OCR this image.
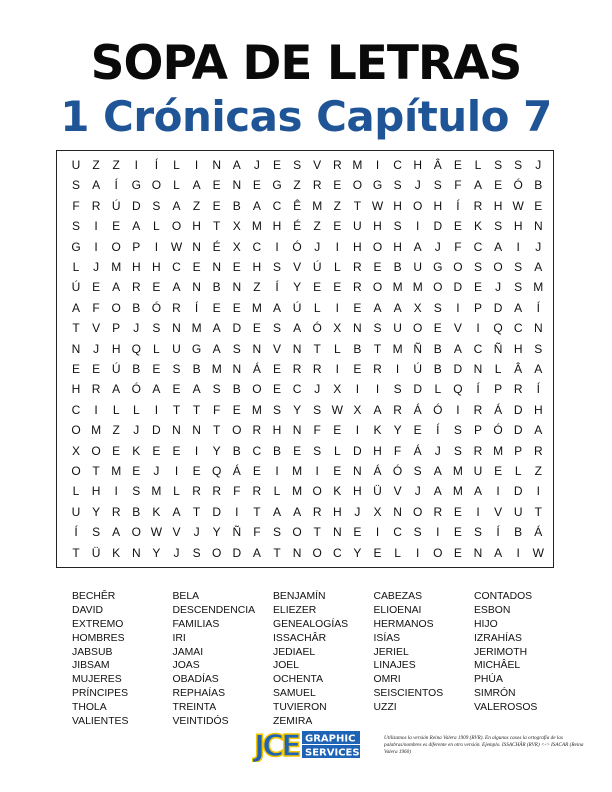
SOPA DE LETRAS
1 Crónicas Capítulo 7
U	Z	Z	I	Í	L	I	N A	J	E	S	V R M	I	C H Â	E	L	S	S	J
S	A	Í	G O	L	A	E N E G Z	R E O G S	J	S	F	A	E Ó B
F	R Ú D S	A	Z	E	B	A C Ê M Z	T W H O H	Í	R H W E
S	I	E	A	L	O H	T	X M H É	Z	E U H S	I	D E	K	S H N
G	I	O P	I	W N É	X C	I	Ó	J	I	H O H A	J	F	C A	I	J
L	J	M H H C E N E H S	V Ú	L	R E	B U G O S O S	A
Ú E	A R E	A N B N	Z	Í	Y	E	E R O M M O D E	J	S M
A	F O B Ó R	Í	E	E M A Ú	L	I	E	A	A	X	S	I	P D A	Í
T	V	P	J	S N M A D E	S	A Ó X N S U O E	V	I	Q C N
N	J	H Q	L	U G A	S N V N	T	L	B	T M Ñ B	A C Ñ H S
E	E Ú B	E	S	B M N Á	E R R	I	E R	I	Ú B D N	L	Â	A
H R A Ó A	E	A	S	B O E C	J	X	I	I	S D	L	Q	Í	P R	Í
C	I	L	L	I	T	T	F	E M S	Y	S W X	A R Á Ó	I	R Á D H
O M Z	J	D N N	T O R H N	F	E	I	K	Y	E	Í	S	P Ó D A
X O E	K	E	E	I	Y	B C B	E	S	L	D H	F	Á	J	S R M P R
O T M E	J	I	E Q Á	E	I	M	I	E N Á Ó S	A M U E	L	Z
L	H	I	S M L	R R	F	R	L M O K H Ü V	J	A M A	I	D	I
U Y R B	K	A	T	D	I	T	A	A R H	J	X N O R E	I	V U	T
Í	S	A O W V	J	Y Ñ	F	S O T	N E	I	C S	I	E	S	Í	B	Á
T	Ü K N Y	J	S O D A	T	N O C Y	E	L	I	O E N A	I	W
BECHÊR
DAVID
EXTREMO
HOMBRES
JABSUB
JIBSAM
MUJERES
PRÍNCIPES
THOLA
VALIENTES
BELA
DESCENDENCIA
FAMILIAS
IRI
JAMAI
JOAS
OBADÍAS
REPHAÍAS
TREINTA
VEINTIDÓS
BENJAMÍN
ELIEZER
GENEALOGÍAS
ISSACHÂR
JEDIAEL
JOEL
OCHENTA
SAMUEL
TUVIERON
ZEMIRA
CABEZAS
ELIOENAI
HERMANOS
ISÍAS
JERIEL
LINAJES
OMRI
SEISCIENTOS
UZZI
CONTADOS
ESBON
HIJO
IZRAHÍAS
JERIMOTH
MICHÂEL
PHÚA
SIMRÓN
VALEROSOS
JCE GRAPHIC
SERVICES
Utilizamos la versión Reina Valera 1909 (RVR). En algunos casos la ortografía de las palabras/nombres es diferente en otra versión. Ejemplo. ISSACHÂR (RVR) <-> ISACAR (Reina Valera 1960)
